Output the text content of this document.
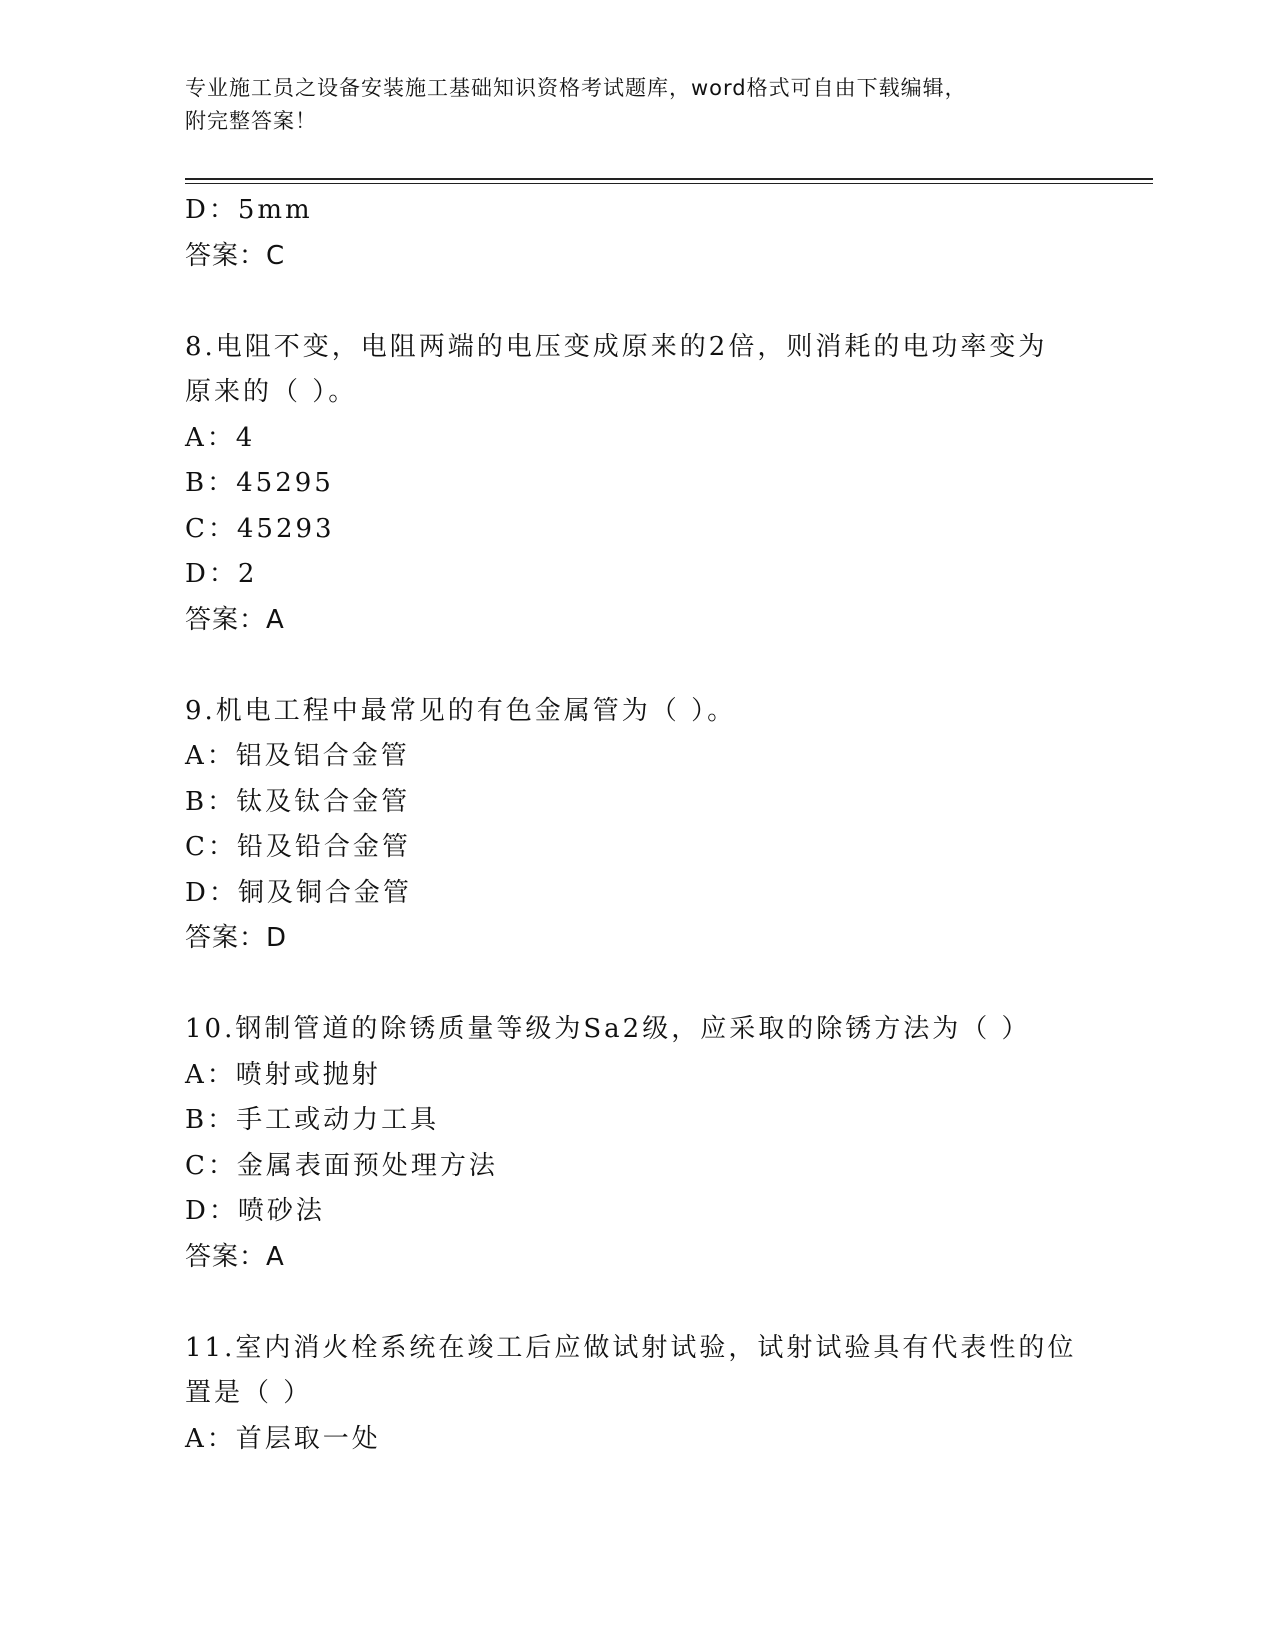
专业施工员之设备安装施工基础知识资格考试题库，word格式可自由下载编辑，
附完整答案！
D：5mm
答案：C
8.电阻不变，电阻两端的电压变成原来的2倍，则消耗的电功率变为
原来的（ ）。
A：4
B：45295
C：45293
D：2
答案：A
9.机电工程中最常见的有色金属管为（ ）。
A：铝及铝合金管
B：钛及钛合金管
C：铅及铅合金管
D：铜及铜合金管
答案：D
10.钢制管道的除锈质量等级为Sa2级，应采取的除锈方法为（ ）
A：喷射或抛射
B：手工或动力工具
C：金属表面预处理方法
D：喷砂法
答案：A
11.室内消火栓系统在竣工后应做试射试验，试射试验具有代表性的位
置是（ ）
A：首层取一处
